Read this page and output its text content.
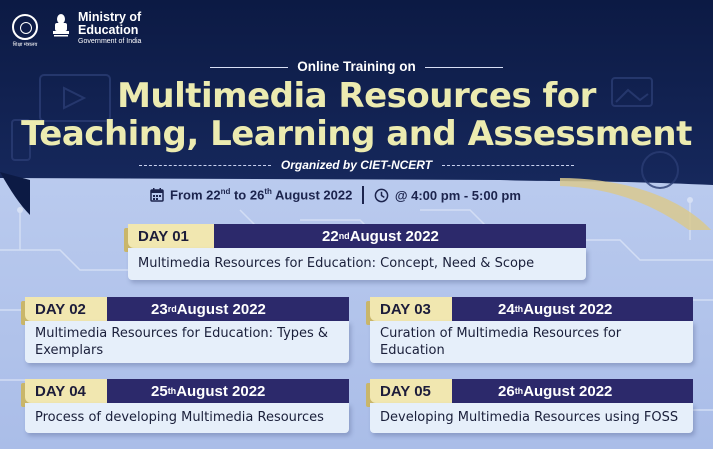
शिक्षा मंत्रालय
Ministry of
Education
Government of India
Online Training on
Multimedia Resources for
Teaching, Learning and Assessment
Organized by CIET-NCERT
From 22nd to 26th August 2022	@ 4:00 pm - 5:00 pm
22 nd August 2022
DAY 01
Multimedia Resources for Education: Concept, Need & Scope
23 rd August 2022
DAY 02
Multimedia Resources for Education: Types & Exemplars
24 th August 2022
DAY 03
Curation of Multimedia Resources for Education
25 th August 2022
DAY 04
Process of developing Multimedia Resources
26 th August 2022
DAY 05
Developing Multimedia Resources using FOSS
